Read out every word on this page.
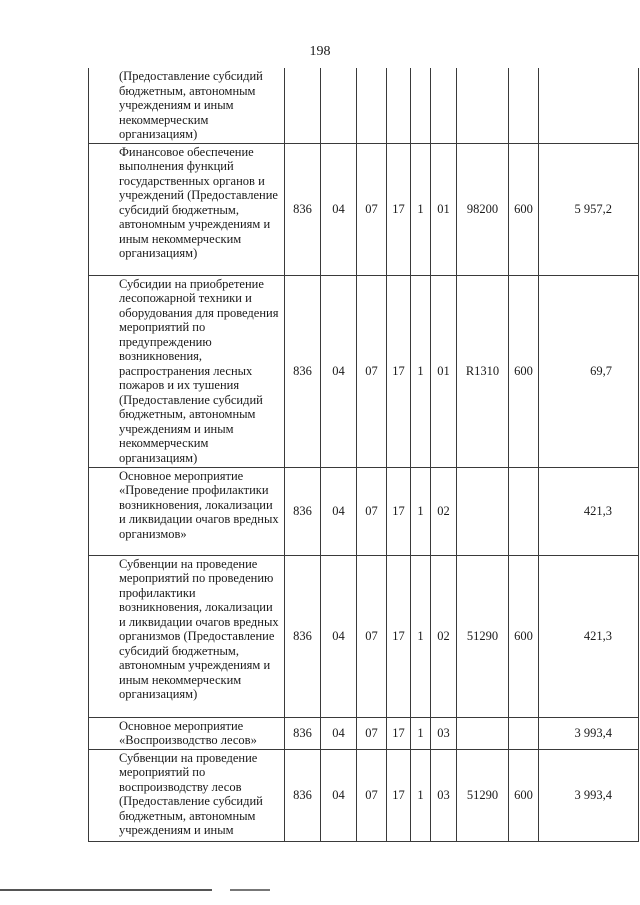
198
(Предоставление субсидий бюджетным, автономным учреждениям и иным некоммерческим организациям)									

Финансовое обеспечение выполнения функций государственных органов и учреждений (Предоставление субсидий бюджетным, автономным учреждениям и иным некоммерческим организациям)	836	04	07	17	1	01	98200	600	5 957,2

Субсидии на приобретение лесопожарной техники и оборудования для проведения мероприятий по предупреждению возникновения, распространения лесных пожаров и их тушения (Предоставление субсидий бюджетным, автономным учреждениям и иным некоммерческим организациям)	836	04	07	17	1	01	R1310	600	69,7

Основное мероприятие «Проведение профилактики возникновения, локализации и ликвидации очагов вредных организмов»	836	04	07	17	1	02			421,3

Субвенции на проведение мероприятий по проведению профилактики возникновения, локализации и ликвидации очагов вредных организмов (Предоставление субсидий бюджетным, автономным учреждениям и иным некоммерческим организациям)	836	04	07	17	1	02	51290	600	421,3

Основное мероприятие «Воспроизводство лесов»	836	04	07	17	1	03			3 993,4

Субвенции на проведение мероприятий по воспроизводству лесов (Предоставление субсидий бюджетным, автономным учреждениям и иным	836	04	07	17	1	03	51290	600	3 993,4
